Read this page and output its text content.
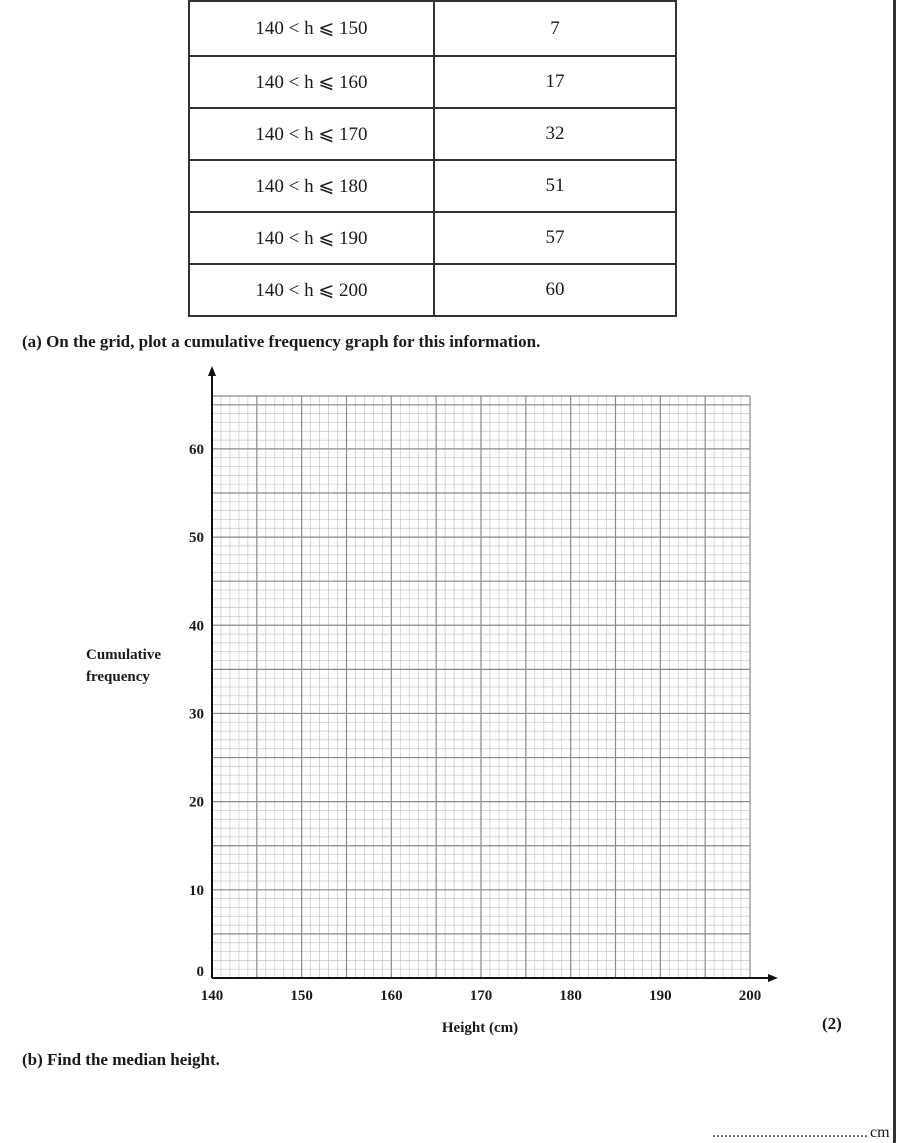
140 < h ⩽ 150	7
140 < h ⩽ 160	17
140 < h ⩽ 170	32
140 < h ⩽ 180	51
140 < h ⩽ 190	57
140 < h ⩽ 200	60
(a) On the grid, plot a cumulative frequency graph for this information.
140	150	160	170	180	190	200
0
10
20
30
40
50
60
Height (cm)
Cumulative
frequency
(2)
(b) Find the median height.
....................................... cm
